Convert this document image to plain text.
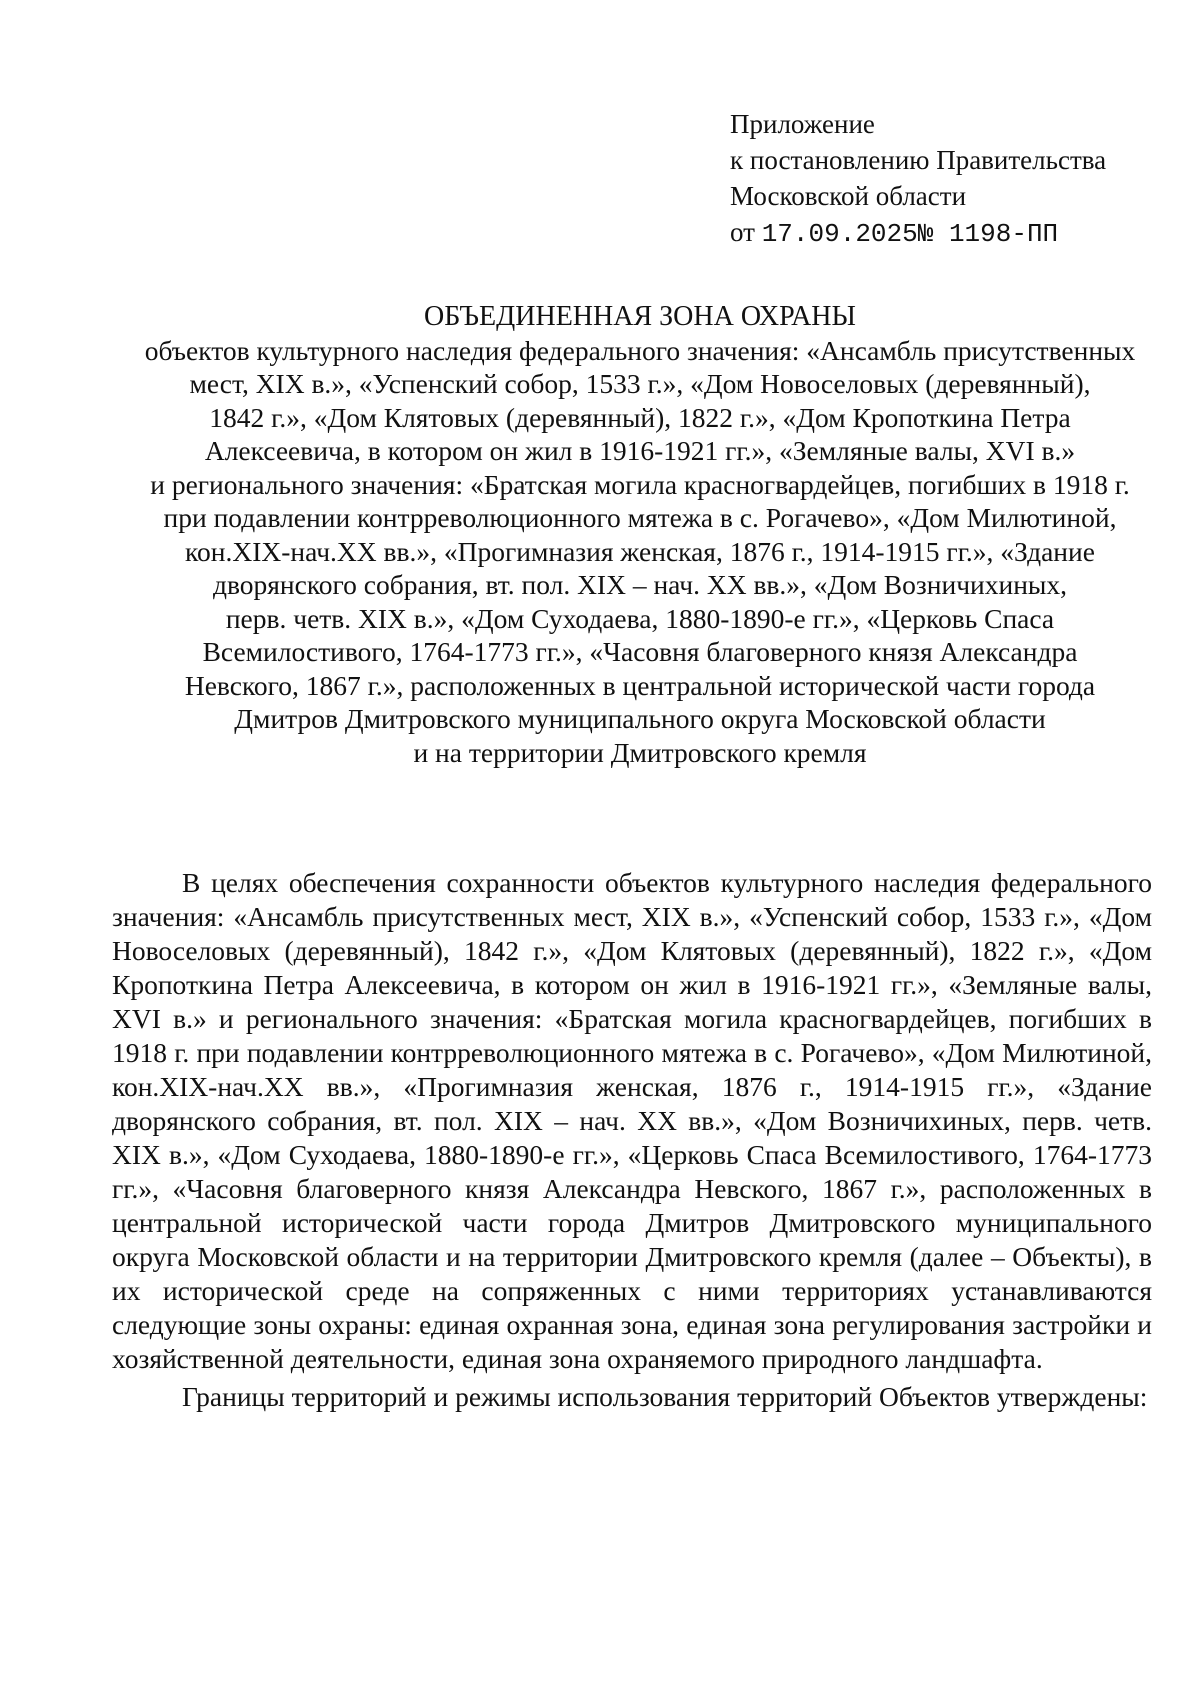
Приложение
к постановлению Правительства
Московской области
от 17.09.2025№ 1198-ПП
ОБЪЕДИНЕННАЯ ЗОНА ОХРАНЫ
объектов культурного наследия федерального значения: «Ансамбль присутственных
мест, XIX в.», «Успенский собор, 1533 г.», «Дом Новоселовых (деревянный),
1842 г.», «Дом Клятовых (деревянный), 1822 г.», «Дом Кропоткина Петра
Алексеевича, в котором он жил в 1916-1921 гг.», «Земляные валы, XVI в.»
и регионального значения: «Братская могила красногвардейцев, погибших в 1918 г.
при подавлении контрреволюционного мятежа в с. Рогачево», «Дом Милютиной,
кон.XIX-нач.XX вв.», «Прогимназия женская, 1876 г., 1914-1915 гг.», «Здание
дворянского собрания, вт. пол. XIX – нач. XX вв.», «Дом Возничихиных,
перв. четв. XIX в.», «Дом Суходаева, 1880-1890-е гг.», «Церковь Спаса
Всемилостивого, 1764-1773 гг.», «Часовня благоверного князя Александра
Невского, 1867 г.», расположенных в центральной исторической части города
Дмитров Дмитровского муниципального округа Московской области
и на территории Дмитровского кремля

В целях обеспечения сохранности объектов культурного наследия федерального значения: «Ансамбль присутственных мест, XIX в.», «Успенский собор, 1533 г.», «Дом Новоселовых (деревянный), 1842 г.», «Дом Клятовых (деревянный), 1822 г.», «Дом Кропоткина Петра Алексеевича, в котором он жил в 1916-1921 гг.», «Земляные валы, XVI в.» и регионального значения: «Братская могила красногвардейцев, погибших в 1918 г. при подавлении контрреволюционного мятежа в с. Рогачево», «Дом Милютиной, кон.XIX-нач.XX вв.», «Прогимназия женская, 1876 г., 1914-1915 гг.», «Здание дворянского собрания, вт. пол. XIX – нач. XX вв.», «Дом Возничихиных, перв. четв. XIX в.», «Дом Суходаева, 1880-1890-е гг.», «Церковь Спаса Всемилостивого, 1764-1773 гг.», «Часовня благоверного князя Александра Невского, 1867 г.», расположенных в центральной исторической части города Дмитров Дмитровского муниципального округа Московской области и на территории Дмитровского кремля (далее – Объекты), в их исторической среде на сопряженных с ними территориях устанавливаются следующие зоны охраны: единая охранная зона, единая зона регулирования застройки и хозяйственной деятельности, единая зона охраняемого природного ландшафта.

Границы территорий и режимы использования территорий Объектов утверждены:
